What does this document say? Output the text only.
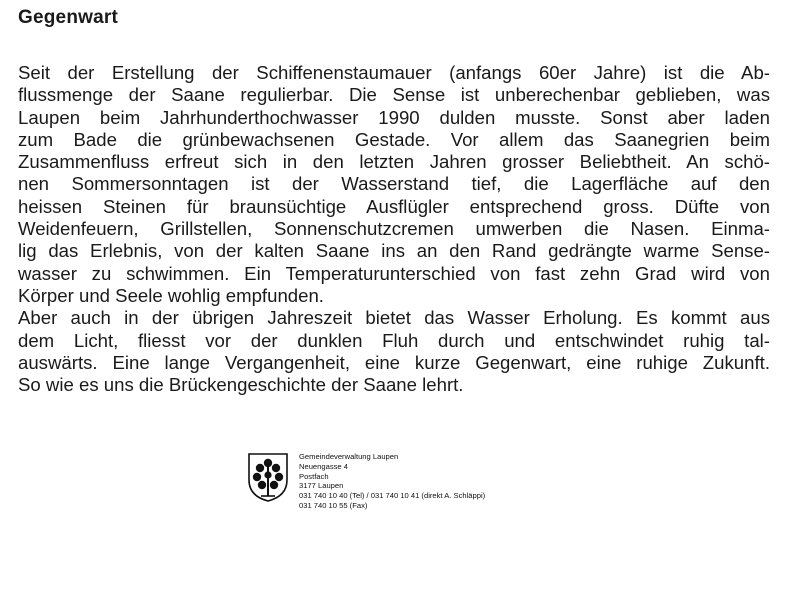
Gegenwart
Seit der Erstellung der Schiffenenstaumauer (anfangs 60er Jahre) ist die Ab-
flussmenge der Saane regulierbar. Die Sense ist unberechenbar geblieben, was
Laupen beim Jahrhunderthochwasser 1990 dulden musste. Sonst aber laden
zum Bade die grünbewachsenen Gestade. Vor allem das Saanegrien beim
Zusammenfluss erfreut sich in den letzten Jahren grosser Beliebtheit. An schö-
nen Sommersonntagen ist der Wasserstand tief, die Lagerfläche auf den
heissen Steinen für braunsüchtige Ausflügler entsprechend gross. Düfte von
Weidenfeuern, Grillstellen, Sonnenschutzcremen umwerben die Nasen. Einma-
lig das Erlebnis, von der kalten Saane ins an den Rand gedrängte warme Sense-
wasser zu schwimmen. Ein Temperaturunterschied von fast zehn Grad wird von
Körper und Seele wohlig empfunden.
Aber auch in der übrigen Jahreszeit bietet das Wasser Erholung. Es kommt aus
dem Licht, fliesst vor der dunklen Fluh durch und entschwindet ruhig tal-
auswärts. Eine lange Vergangenheit, eine kurze Gegenwart, eine ruhige Zukunft.
So wie es uns die Brückengeschichte der Saane lehrt.
Gemeindeverwaltung Laupen
Neuengasse 4
Postfach
3177 Laupen
031 740 10 40 (Tel) / 031 740 10 41 (direkt A. Schläppi)
031 740 10 55 (Fax)
